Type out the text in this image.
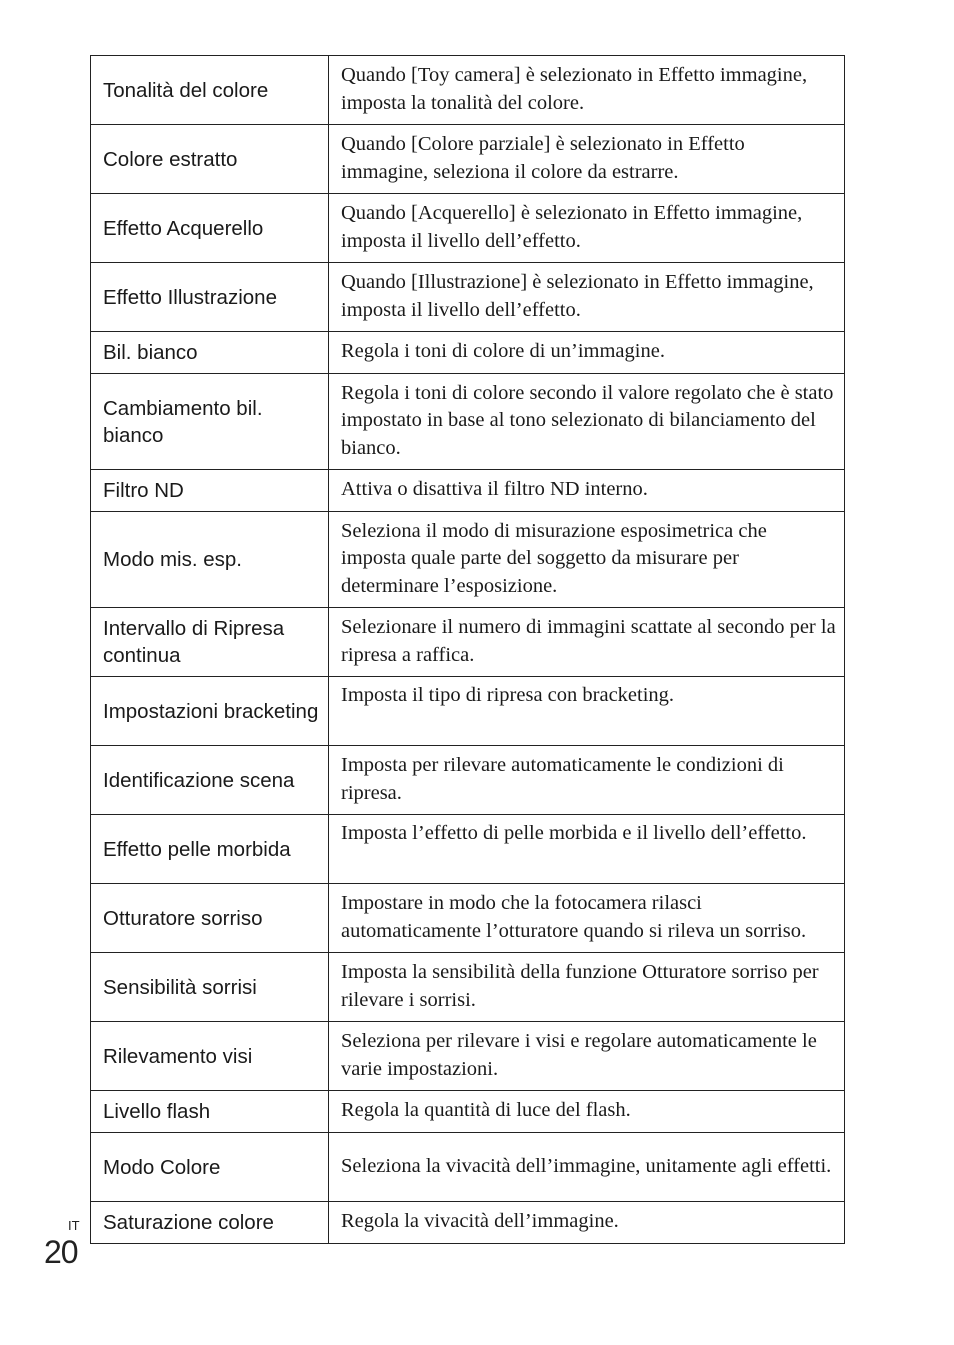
Tonalità del colore	Quando [Toy camera] è selezionato in Effetto immagine, imposta la tonalità del colore.
Colore estratto	Quando [Colore parziale] è selezionato in Effetto immagine, seleziona il colore da estrarre.
Effetto Acquerello	Quando [Acquerello] è selezionato in Effetto immagine, imposta il livello dell’effetto.
Effetto Illustrazione	Quando [Illustrazione] è selezionato in Effetto immagine, imposta il livello dell’effetto.
Bil. bianco	Regola i toni di colore di un’immagine.
Cambiamento bil. bianco	Regola i toni di colore secondo il valore regolato che è stato impostato in base al tono selezionato di bilanciamento del bianco.
Filtro ND	Attiva o disattiva il filtro ND interno.
Modo mis. esp.	Seleziona il modo di misurazione esposimetrica che imposta quale parte del soggetto da misurare per determinare l’esposizione.
Intervallo di Ripresa continua	Selezionare il numero di immagini scattate al secondo per la ripresa a raffica.
Impostazioni bracketing	Imposta il tipo di ripresa con bracketing.
Identificazione scena	Imposta per rilevare automaticamente le condizioni di ripresa.
Effetto pelle morbida	Imposta l’effetto di pelle morbida e il livello dell’effetto.
Otturatore sorriso	Impostare in modo che la fotocamera rilasci automaticamente l’otturatore quando si rileva un sorriso.
Sensibilità sorrisi	Imposta la sensibilità della funzione Otturatore sorriso per rilevare i sorrisi.
Rilevamento visi	Seleziona per rilevare i visi e regolare automaticamente le varie impostazioni.
Livello flash	Regola la quantità di luce del flash.
Modo Colore	Seleziona la vivacità dell’immagine, unitamente agli effetti.
Saturazione colore	Regola la vivacità dell’immagine.
IT
20
